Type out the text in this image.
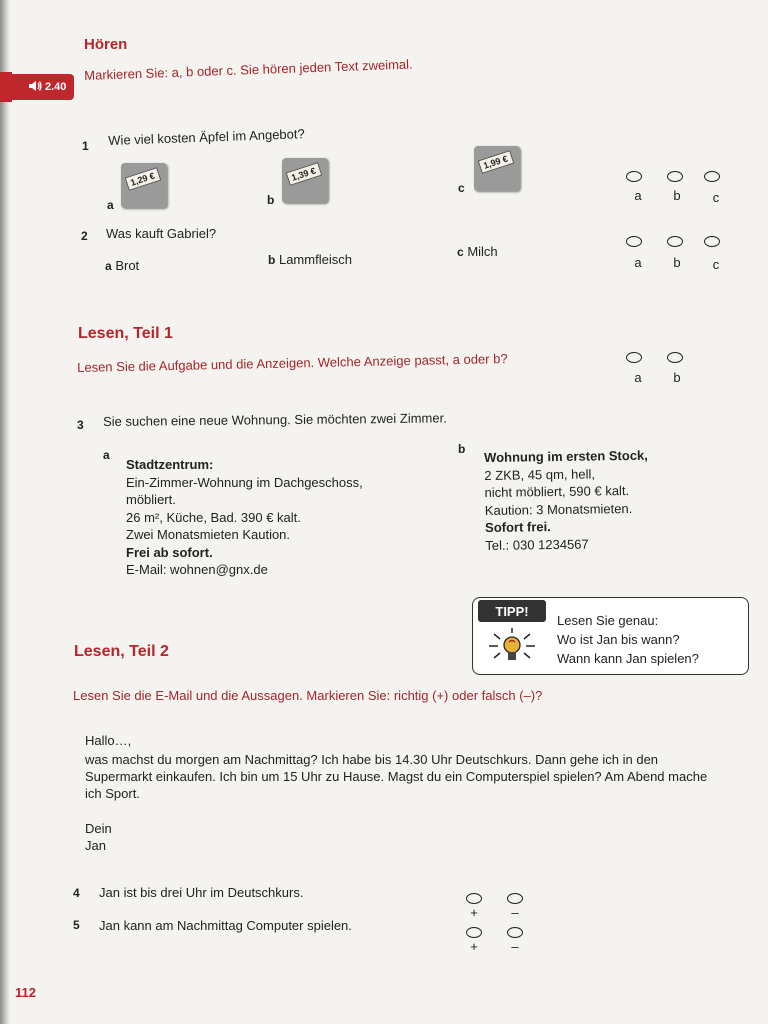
Hören
2.40
Markieren Sie: a, b oder c. Sie hören jeden Text zweimal.
1 Wie viel kosten Äpfel im Angebot?
a
1,29 €
b
1,39 €
c
1,99 €
a	b	c
2 Was kauft Gabriel?
a Brot	b Lammfleisch	c Milch
a	b	c
Lesen, Teil 1
Lesen Sie die Aufgabe und die Anzeigen. Welche Anzeige passt, a oder b?
a	b
3 Sie suchen eine neue Wohnung. Sie möchten zwei Zimmer.
a
Stadtzentrum:
Ein-Zimmer-Wohnung im Dachgeschoss,
möbliert.
26 m², Küche, Bad. 390 € kalt.
Zwei Monatsmieten Kaution.
Frei ab sofort.
E-Mail: wohnen@gnx.de
b Wohnung im ersten Stock,
2 ZKB, 45 qm, hell,
nicht möbliert, 590 € kalt.
Kaution: 3 Monatsmieten.
Sofort frei.
Tel.: 030 1234567
TIPP!
Lesen Sie genau:
Wo ist Jan bis wann?
Wann kann Jan spielen?
Lesen, Teil 2
Lesen Sie die E-Mail und die Aussagen. Markieren Sie: richtig (+) oder falsch (–)?
Hallo…,
was machst du morgen am Nachmittag? Ich habe bis 14.30 Uhr Deutschkurs. Dann gehe ich in den Supermarkt einkaufen. Ich bin um 15 Uhr zu Hause. Magst du ein Computerspiel spielen? Am Abend mache ich Sport.
Dein
Jan
4 Jan ist bis drei Uhr im Deutschkurs.
5 Jan kann am Nachmittag Computer spielen.
+	–
+	–
112
